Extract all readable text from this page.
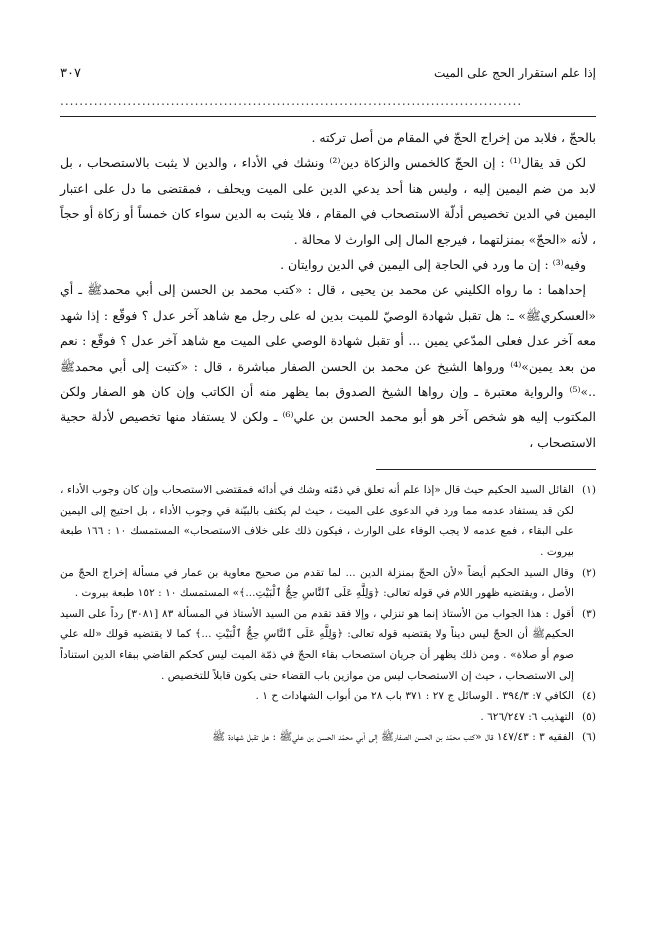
إذا علم استقرار الحج على الميت
٣٠٧
................................................................................................

بالحجّ ، فلابد من إخراج الحجّ في المقام من أصل تركته .

لكن قد يقال⁽¹⁾ : إن الحجّ كالخمس والزكاة دين⁽²⁾ ونشك في الأداء ، والدين لا يثبت بالاستصحاب ، بل لابد من ضم اليمين إليه ، وليس هنا أحد يدعي الدين على الميت ويحلف ، فمقتضى ما دل على اعتبار اليمين في الدين تخصيص أدلّة الاستصحاب في المقام ، فلا يثبت به الدين سواء كان خمساً أو زكاة أو حجاً ، لأنه «الحجّ» بمنزلتهما ، فيرجع المال إلى الوارث لا محالة .

وفيه⁽³⁾ : إن ما ورد في الحاجة إلى اليمين في الدين روايتان .

إحداهما : ما رواه الكليني عن محمد بن يحيى ، قال : «كتب محمد بن الحسن إلى أبي محمدﷺ ـ أي «العسكريﷺ» ـ: هل تقبل شهادة الوصيّ للميت بدين له على رجل مع شاهد آخر عدل ؟ فوقّع : إذا شهد معه آخر عدل فعلى المدّعي يمين ... أو تقبل شهادة الوصي على الميت مع شاهد آخر عدل ؟ فوقّع : نعم من بعد يمين»⁽⁴⁾ ورواها الشيخ عن محمد بن الحسن الصفار مباشرة ، قال : «كتبت إلى أبي محمدﷺ ..»⁽⁵⁾ والرواية معتبرة ـ وإن رواها الشيخ الصدوق بما يظهر منه أن الكاتب وإن كان هو الصفار ولكن المكتوب إليه هو شخص آخر هو أبو محمد الحسن بن علي⁽⁶⁾ ـ ولكن لا يستفاد منها تخصيص لأدلة حجية الاستصحاب ،

(١)
القائل السيد الحكيم حيث قال «إذا علم أنه تعلق في ذمّته وشك في أدائه فمقتضى الاستصحاب وإن كان وجوب الأداء ، لكن قد يستفاد عدمه مما ورد في الدعوى على الميت ، حيث لم يكتف بالبيّنة في وجوب الأداء ، بل احتيج إلى اليمين على البقاء ، فمع عدمه لا يجب الوفاء على الوارث ، فيكون ذلك على خلاف الاستصحاب» المستمسك ١٠ : ١٦٦ طبعة بيروت .
(٢)
وقال السيد الحكيم أيضاً «لأن الحجّ بمنزلة الدين ... لما تقدم من صحيح معاوية بن عمار في مسألة إخراج الحجّ من الأصل ، ويقتضيه ظهور اللام في قوله تعالى: ﴿وَلِلَّهِ عَلَى ٱلنَّاسِ حِجُّ ٱلْبَيْتِ...﴾» المستمسك ١٠ : ١٥٢ طبعة بيروت .
(٣)
أقول : هذا الجواب من الأستاذ إنما هو تنزلي ، وإلا فقد تقدم من السيد الأستاذ في المسألة ٨٣ [٣٠٨١] رداً على السيد الحكيمﷺ أن الحجّ ليس ديناً ولا يقتضيه قوله تعالى: ﴿وَلِلَّهِ عَلَى ٱلنَّاسِ حِجُّ ٱلْبَيْتِ ...﴾ كما لا يقتضيه قولك «لله علي صوم أو صلاة» . ومن ذلك يظهر أن جريان استصحاب بقاء الحجّ في ذمّة الميت ليس كحكم القاضي ببقاء الدين استناداً إلى الاستصحاب ، حيث إن الاستصحاب ليس من موازين باب القضاء حتى يكون قابلاً للتخصيص .
(٤)
الكافي ٧: ٣٩٤/٣ . الوسائل ج ٢٧ : ٣٧١ باب ٢٨ من أبواب الشهادات ح ١ .
(٥)
التهذيب ٦: ٦٢٦/٢٤٧ .
(٦)
الفقيه ٣ : ١٤٧/٤٣ قال «كتب محمّد بن الحسن الصفارﷺ إلى أبي محمّد الحسن بن عليﷺ : هل تقبل شهادة ﷺ
